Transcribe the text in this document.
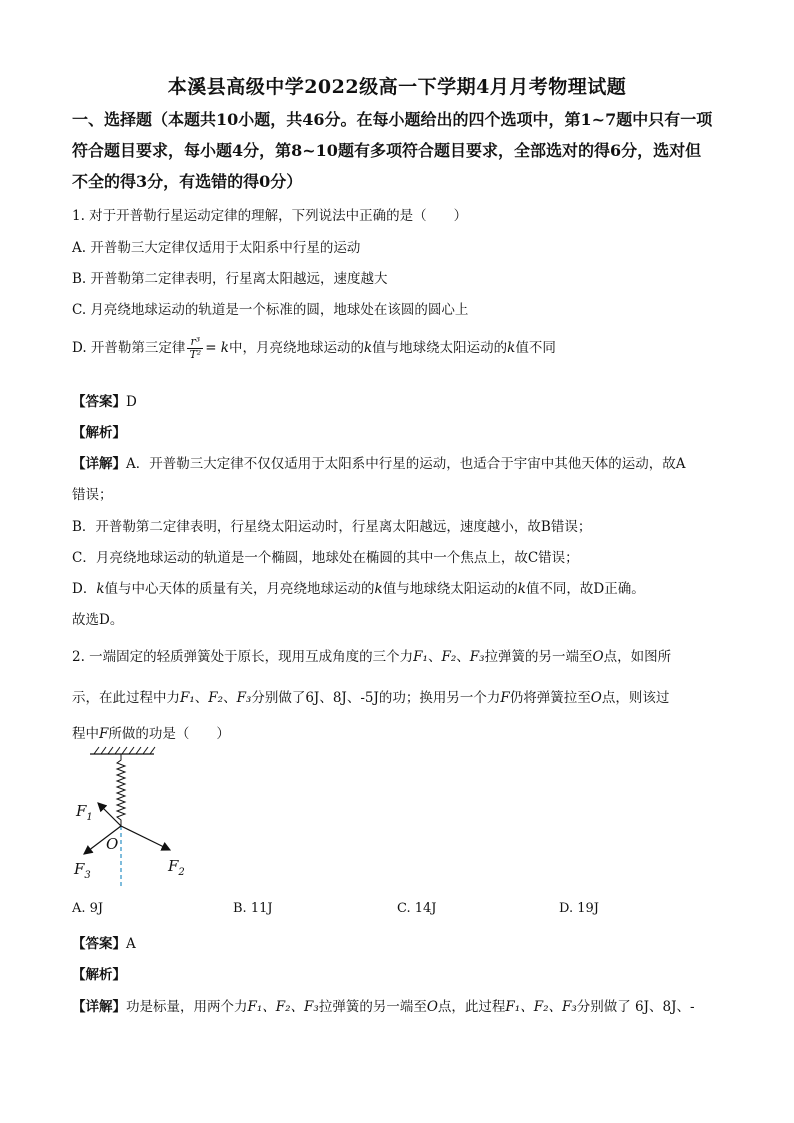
本溪县高级中学2022级高一下学期4月月考物理试题
一、选择题（本题共10小题，共46分。在每小题给出的四个选项中，第1~7题中只有一项
符合题目要求，每小题4分，第8~10题有多项符合题目要求，全部选对的得6分，选对但
不全的得3分，有选错的得0分）
1. 对于开普勒行星运动定律的理解，下列说法中正确的是（　　）
A. 开普勒三大定律仅适用于太阳系中行星的运动
B. 开普勒第二定律表明，行星离太阳越远，速度越大
C. 月亮绕地球运动的轨道是一个标准的圆，地球处在该圆的圆心上
D. 开普勒第三定律 $\frac{\text{r³}}{\text{T²}} = k$中，月亮绕地球运动的k值与地球绕太阳运动的k值不同
【答案】D
【解析】
【详解】A．开普勒三大定律不仅仅适用于太阳系中行星的运动，也适合于宇宙中其他天体的运动，故A
错误；
B．开普勒第二定律表明，行星绕太阳运动时，行星离太阳越远，速度越小，故B错误；
C．月亮绕地球运动的轨道是一个椭圆，地球处在椭圆的其中一个焦点上，故C错误；
D．k值与中心天体的质量有关，月亮绕地球运动的k值与地球绕太阳运动的k值不同，故D正确。
故选D。
2. 一端固定的轻质弹簧处于原长，现用互成角度的三个力F₁、F₂、F₃拉弹簧的另一端至O点，如图所
示，在此过程中力F₁、F₂、F₃分别做了6J、8J、-5J的功；换用另一个力F仍将弹簧拉至O点，则该过
程中F所做的功是（　　）
$F_1$
O
$F_3$
$F_2$
A. 9J	B. 11J	C. 14J	D. 19J
【答案】A
【解析】
【详解】功是标量，用两个力F₁、F₂、F₃拉弹簧的另一端至O点，此过程F₁、F₂、F₃分别做了 6J、8J、-
